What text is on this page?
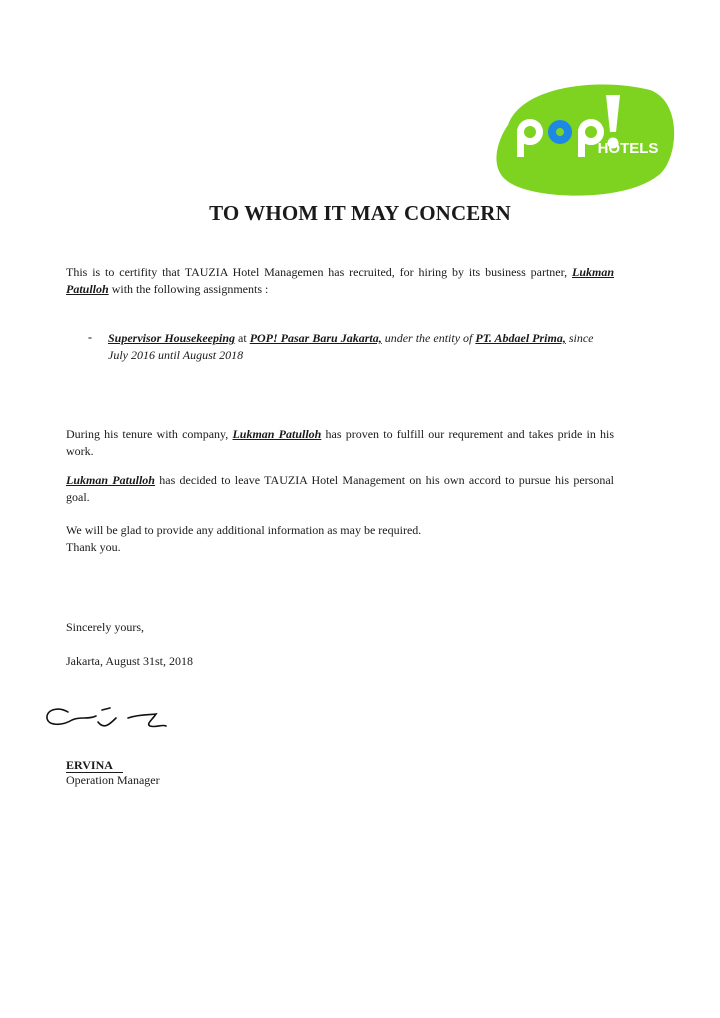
HOTELS
TO WHOM IT MAY CONCERN
This is to certifity that TAUZIA Hotel Managemen has recruited, for hiring by its business partner, Lukman Patulloh with the following assignments :
- Supervisor Housekeeping at POP! Pasar Baru Jakarta, under the entity of PT. Abdael Prima, since July 2016 until August 2018
During his tenure with company, Lukman Patulloh has proven to fulfill our requrement and takes pride in his work.
Lukman Patulloh has decided to leave TAUZIA Hotel Management on his own accord to pursue his personal goal.
We will be glad to provide any additional information as may be required.
Thank you.
Sincerely yours,
Jakarta, August 31st, 2018
ERVINA
Operation Manager
